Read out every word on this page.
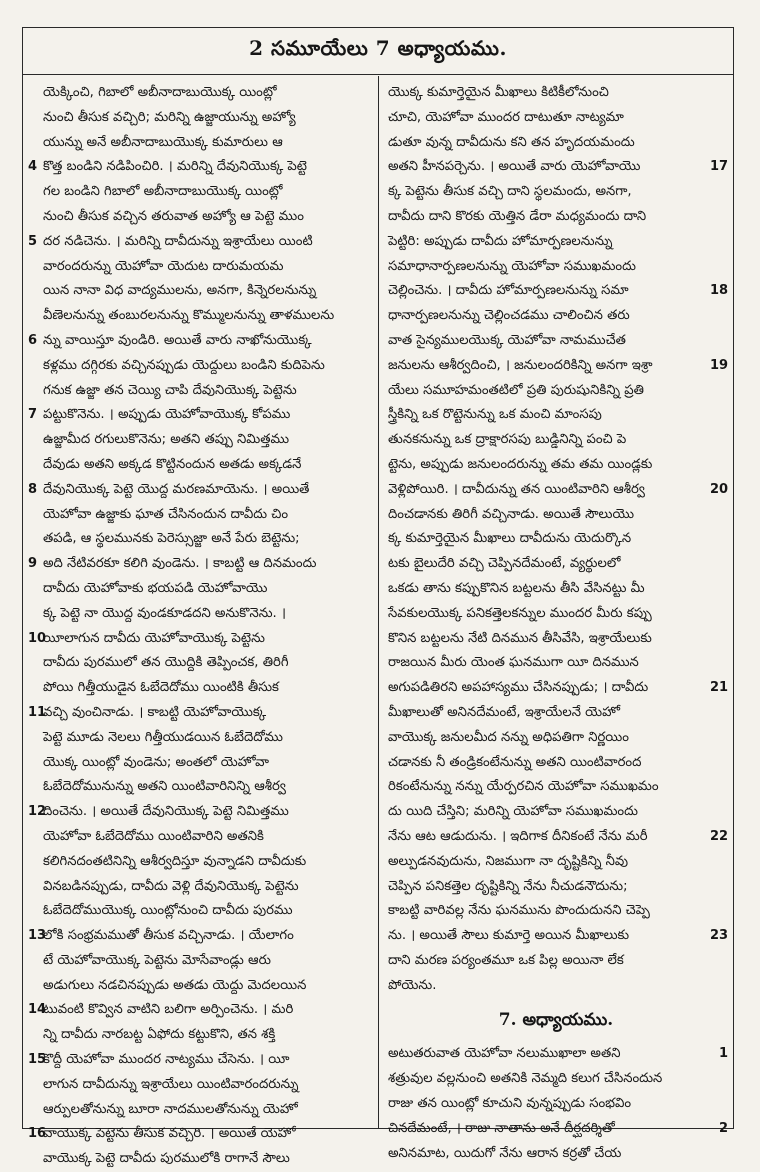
2 సమూయేలు 7 అధ్యాయము.
యెక్కించి, గిబాలో అబీనాదాబుయొక్క యింట్లో
నుంచి తీసుక వచ్చిరి; మరిన్ని ఉజ్జాయున్ను అహ్యో
యున్ను అనే అబీనాదాబుయొక్క కుమారులు ఆ
కొత్త బండిని నడిపించిరి. । మరిన్ని దేవునియొక్క పెట్టె
4
గల బండిని గిబాలో అబీనాదాబుయొక్క యింట్లో
నుంచి తీసుక వచ్చిన తరువాత అహ్యో ఆ పెట్టె ముం
దర నడిచెను. । మరిన్ని దావీదున్ను ఇశ్రాయేలు యింటి
5
వారందరున్ను యెహోవా యెదుట దారుమయమ
యిన నానా విధ వాద్యములను, అనగా, కిన్నెరలనున్ను
వీణెలనున్ను తంబురలనున్ను కొమ్ములనున్ను తాళములను
న్ను వాయిస్తూ వుండిరి. అయితే వారు నాఖోనుయొక్క
6
కళ్లము దగ్గిరకు వచ్చినప్పుడు యెద్దులు బండిని కుదిపెను
గనుక ఉజ్జా తన చెయ్యి చాపి దేవునియొక్క పెట్టెను
పట్టుకొనెను. । అప్పుడు యెహోవాయొక్క కోపము
7
ఉజ్జామీద రగులుకొనెను; అతని తప్పు నిమిత్తము
దేవుడు అతని అక్కడ కొట్టినందున అతడు అక్కడనే
దేవునియొక్క పెట్టె యొద్ద మరణమాయెను. । అయితే
8
యెహోవా ఉజ్జాకు ఘాత చేసినందున దావీదు చిం
తపడి, ఆ స్థలమునకు పెరెస్సుజ్జా అనే పేరు బెట్టెను;
అది నేటివరకూ కలిగి వుండెను. । కాబట్టి ఆ దినమందు
9
దావీదు యెహోవాకు భయపడి యెహోవాయొ
క్క పెట్టె నా యొద్ద వుండకూడదని అనుకొనెను. ।
యీలాగున దావీదు యెహోవాయొక్క పెట్టెను
10
దావీదు పురములో తన యొద్దికి తెప్పించక, తిరిగీ
పోయి గిత్తీయుడైన ఓబేదెదోము యింటికి తీసుక
వచ్చి వుంచినాడు. । కాబట్టి యెహోవాయొక్క
11
పెట్టె మూడు నెలలు గిత్తీయుడయిన ఓబేదెదోము
యొక్క యింట్లో వుండెను; అంతలో యెహోవా
ఓబేదెదోమునున్ను అతని యింటివారినిన్ని ఆశీర్వ
దించెను. । అయితే దేవునియొక్క పెట్టె నిమిత్తము
12
యెహోవా ఓబేదెదోము యింటివారిని అతనికి
కలిగినదంతటినిన్ని ఆశీర్వదిస్తూ వున్నాడని దావీదుకు
వినబడినప్పుడు, దావీదు వెళ్లి దేవునియొక్క పెట్టెను
ఓబేదెదోముయొక్క యింట్లోనుంచి దావీదు పురము
లోకి సంభ్రమముతో తీసుక వచ్చినాడు. । యేలాగం
13
టే యెహోవాయొక్క పెట్టెను మోసేవాండ్లు ఆరు
అడుగులు నడచినప్పుడు అతడు యెద్దు మెదలయిన
టువంటి కొవ్విన వాటిని బలిగా అర్పించెను. । మరి
14
న్ని దావీదు నారబట్ట ఏఫోదు కట్టుకొని, తన శక్తి
కొద్దీ యెహోవా ముందర నాట్యము చేసెను. । యీ
15
లాగున దావీదున్ను ఇశ్రాయేలు యింటివారందరున్ను
ఆర్పులతోనున్ను బూరా నాదములతోనున్ను యెహో
వాయొక్క పెట్టెను తీసుక వచ్చిరి. । అయితే యెహో
16
వాయొక్క పెట్టె దావీదు పురములోకి రాగానే సౌలు
యొక్క కుమార్తెయైన మీఖాలు కిటికీలోనుంచి
చూచి, యెహోవా ముందర దాటుతూ నాట్యమా
డుతూ వున్న దావీదును కని తన హృదయమందు
అతని హీనపర్చెను. । అయితే వారు యెహోవాయొ	17
క్క పెట్టెను తీసుక వచ్చి దాని స్థలమందు, అనగా,
దావీదు దాని కొరకు యెత్తిన డేరా మధ్యమందు దాని
పెట్టిరి: అప్పుడు దావీదు హోమార్పణలనున్ను
సమాధానార్పణలనున్ను యెహోవా సముఖమందు
చెల్లించెను. । దావీదు హోమార్పణలనున్ను సమా	18
ధానార్పణలనున్ను చెల్లించడము చాలించిన తరు
వాత సైన్యములయొక్క యెహోవా నామముచేత
జనులను ఆశీర్వదించి, । జనులందరికిన్ని అనగా ఇశ్రా	19
యేలు సమూహమంతటిలో ప్రతి పురుషునికిన్ని ప్రతి
స్త్రీకిన్ని ఒక రొట్టెనున్ను ఒక మంచి మాంసపు
తునకనున్ను ఒక ద్రాక్షారసపు బుడ్డినిన్ని పంచి పె
ట్టెను, అప్పుడు జనులందరున్ను తమ తమ యిండ్లకు
వెళ్లిపోయిరి. । దావీదున్ను తన యింటివారిని ఆశీర్వ	20
దించడానకు తిరిగీ వచ్చినాడు. అయితే సౌలుయొ
క్క కుమార్తెయైన మీఖాలు దావీదును యెదుర్కొన
టకు బైలుదేరి వచ్చి చెప్పినదేమంటే, వ్యర్థులలో
ఒకడు తాను కప్పుకొనిన బట్టలను తీసి వేసినట్టు మీ
సేవకులయొక్క పనికత్తెలకన్నుల ముందర మీరు కప్పు
కొనిన బట్టలను నేటి దినమున తీసివేసి, ఇశ్రాయేలుకు
రాజయిన మీరు యెంత ఘనముగా యీ దినమున
అగుపడితిరని అపహాస్యము చేసినప్పుడు; । దావీదు	21
మీఖాలుతో అనినదేమంటే, ఇశ్రాయేలనే యెహో
వాయొక్క జనులమీద నన్ను అధిపతిగా నిర్ణయిం
చడానకు నీ తండ్రికంటేనున్ను అతని యింటివారంద
రికంటేనున్ను నన్ను యేర్పరచిన యెహోవా సముఖమం
దు యిది చేస్తిని; మరిన్ని యెహోవా సముఖమందు
నేను ఆట ఆడుదును. । ఇదిగాక దీనికంటే నేను మరీ	22
అల్పుడనవుదును, నిజముగా నా దృష్టికిన్ని నీవు
చెప్పిన పనికత్తెల దృష్టికిన్ని నేను నీచుడనౌదును;
కాబట్టి వారివల్ల నేను ఘనమును పొందుదునని చెప్పె
ను. । అయితే సౌలు కుమార్తె అయిన మీఖాలుకు	23
దాని మరణ పర్యంతమూ ఒక పిల్ల అయినా లేక
పోయెను.
7. అధ్యాయము.
అటుతరువాత యెహోవా నలుముఖాలా అతని	1
శత్రువుల వల్లనుంచి అతనికి నెమ్మది కలుగ చేసినందున
రాజు తన యింట్లో కూచుని వున్నప్పుడు సంభవిం
చినదేమంటే, । రాజు నాతాను అనే దీర్ఘదర్శితో	2
అనినమాట, యిదుగో నేను ఆరాన కర్రతో చేయ
